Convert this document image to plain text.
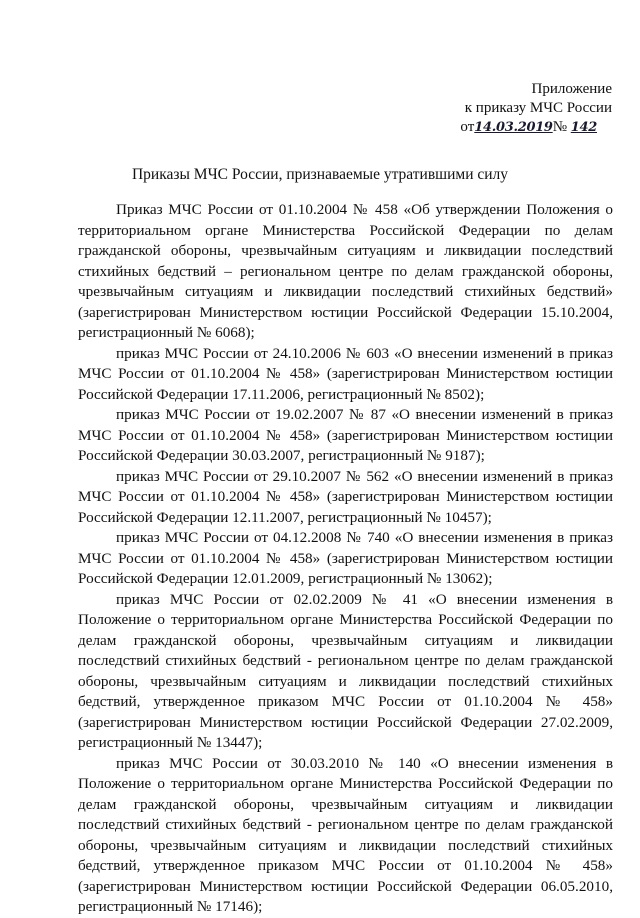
Приложение
к приказу МЧС России
от14.03.2019№ 142
Приказы МЧС России, признаваемые утратившими силу

Приказ МЧС России от 01.10.2004 № 458 «Об утверждении Положения о территориальном органе Министерства Российской Федерации по делам гражданской обороны, чрезвычайным ситуациям и ликвидации последствий стихийных бедствий – региональном центре по делам гражданской обороны, чрезвычайным ситуациям и ликвидации последствий стихийных бедствий» (зарегистрирован Министерством юстиции Российской Федерации 15.10.2004, регистрационный № 6068);

приказ МЧС России от 24.10.2006 № 603 «О внесении изменений в приказ МЧС России от 01.10.2004 № 458» (зарегистрирован Министерством юстиции Российской Федерации 17.11.2006, регистрационный № 8502);

приказ МЧС России от 19.02.2007 № 87 «О внесении изменений в приказ МЧС России от 01.10.2004 № 458» (зарегистрирован Министерством юстиции Российской Федерации 30.03.2007, регистрационный № 9187);

приказ МЧС России от 29.10.2007 № 562 «О внесении изменений в приказ МЧС России от 01.10.2004 № 458» (зарегистрирован Министерством юстиции Российской Федерации 12.11.2007, регистрационный № 10457);

приказ МЧС России от 04.12.2008 № 740 «О внесении изменения в приказ МЧС России от 01.10.2004 № 458» (зарегистрирован Министерством юстиции Российской Федерации 12.01.2009, регистрационный № 13062);

приказ МЧС России от 02.02.2009 № 41 «О внесении изменения в Положение о территориальном органе Министерства Российской Федерации по делам гражданской обороны, чрезвычайным ситуациям и ликвидации последствий стихийных бедствий - региональном центре по делам гражданской обороны, чрезвычайным ситуациям и ликвидации последствий стихийных бедствий, утвержденное приказом МЧС России от 01.10.2004 № 458» (зарегистрирован Министерством юстиции Российской Федерации 27.02.2009, регистрационный № 13447);

приказ МЧС России от 30.03.2010 № 140 «О внесении изменения в Положение о территориальном органе Министерства Российской Федерации по делам гражданской обороны, чрезвычайным ситуациям и ликвидации последствий стихийных бедствий - региональном центре по делам гражданской обороны, чрезвычайным ситуациям и ликвидации последствий стихийных бедствий, утвержденное приказом МЧС России от 01.10.2004 № 458» (зарегистрирован Министерством юстиции Российской Федерации 06.05.2010, регистрационный № 17146);
